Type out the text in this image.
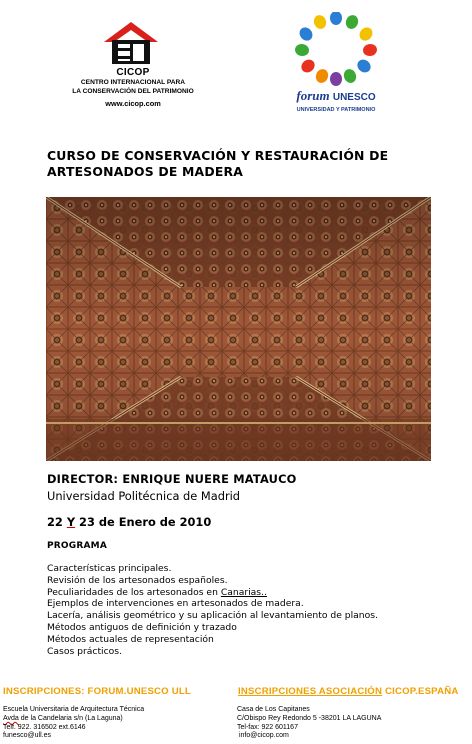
CICOP
CENTRO INTERNACIONAL PARA
LA CONSERVACIÓN DEL PATRIMONIO
www.cicop.com
forum UNESCO
UNIVERSIDAD Y PATRIMONIO
CURSO DE CONSERVACIÓN Y RESTAURACIÓN DE
ARTESONADOS DE MADERA
DIRECTOR: ENRIQUE NUERE MATAUCO
Universidad Politécnica de Madrid
22 Y 23 de Enero de 2010
PROGRAMA
Características principales.
Revisión de los artesonados españoles.
Peculiaridades de los artesonados en Canarias..
Ejemplos de intervenciones en artesonados de madera.
Lacería, análisis geométrico y su aplicación al levantamiento de planos.
Métodos antiguos de definición y trazado
Métodos actuales de representación
Casos prácticos.
INSCRIPCIONES: FORUM.UNESCO ULL	INSCRIPCIONES ASOCIACIÓN CICOP.ESPAÑA
Escuela Universitaria de Arquitectura Técnica
Avda de la Candelaria s/n (La Laguna)
Telf. 922. 316502 ext.6146
funesco@ull.es
Casa de Los Capitanes
C/Obispo Rey Redondo 5 -38201 LA LAGUNA
Tel-fax: 922 601167
info@cicop.com
